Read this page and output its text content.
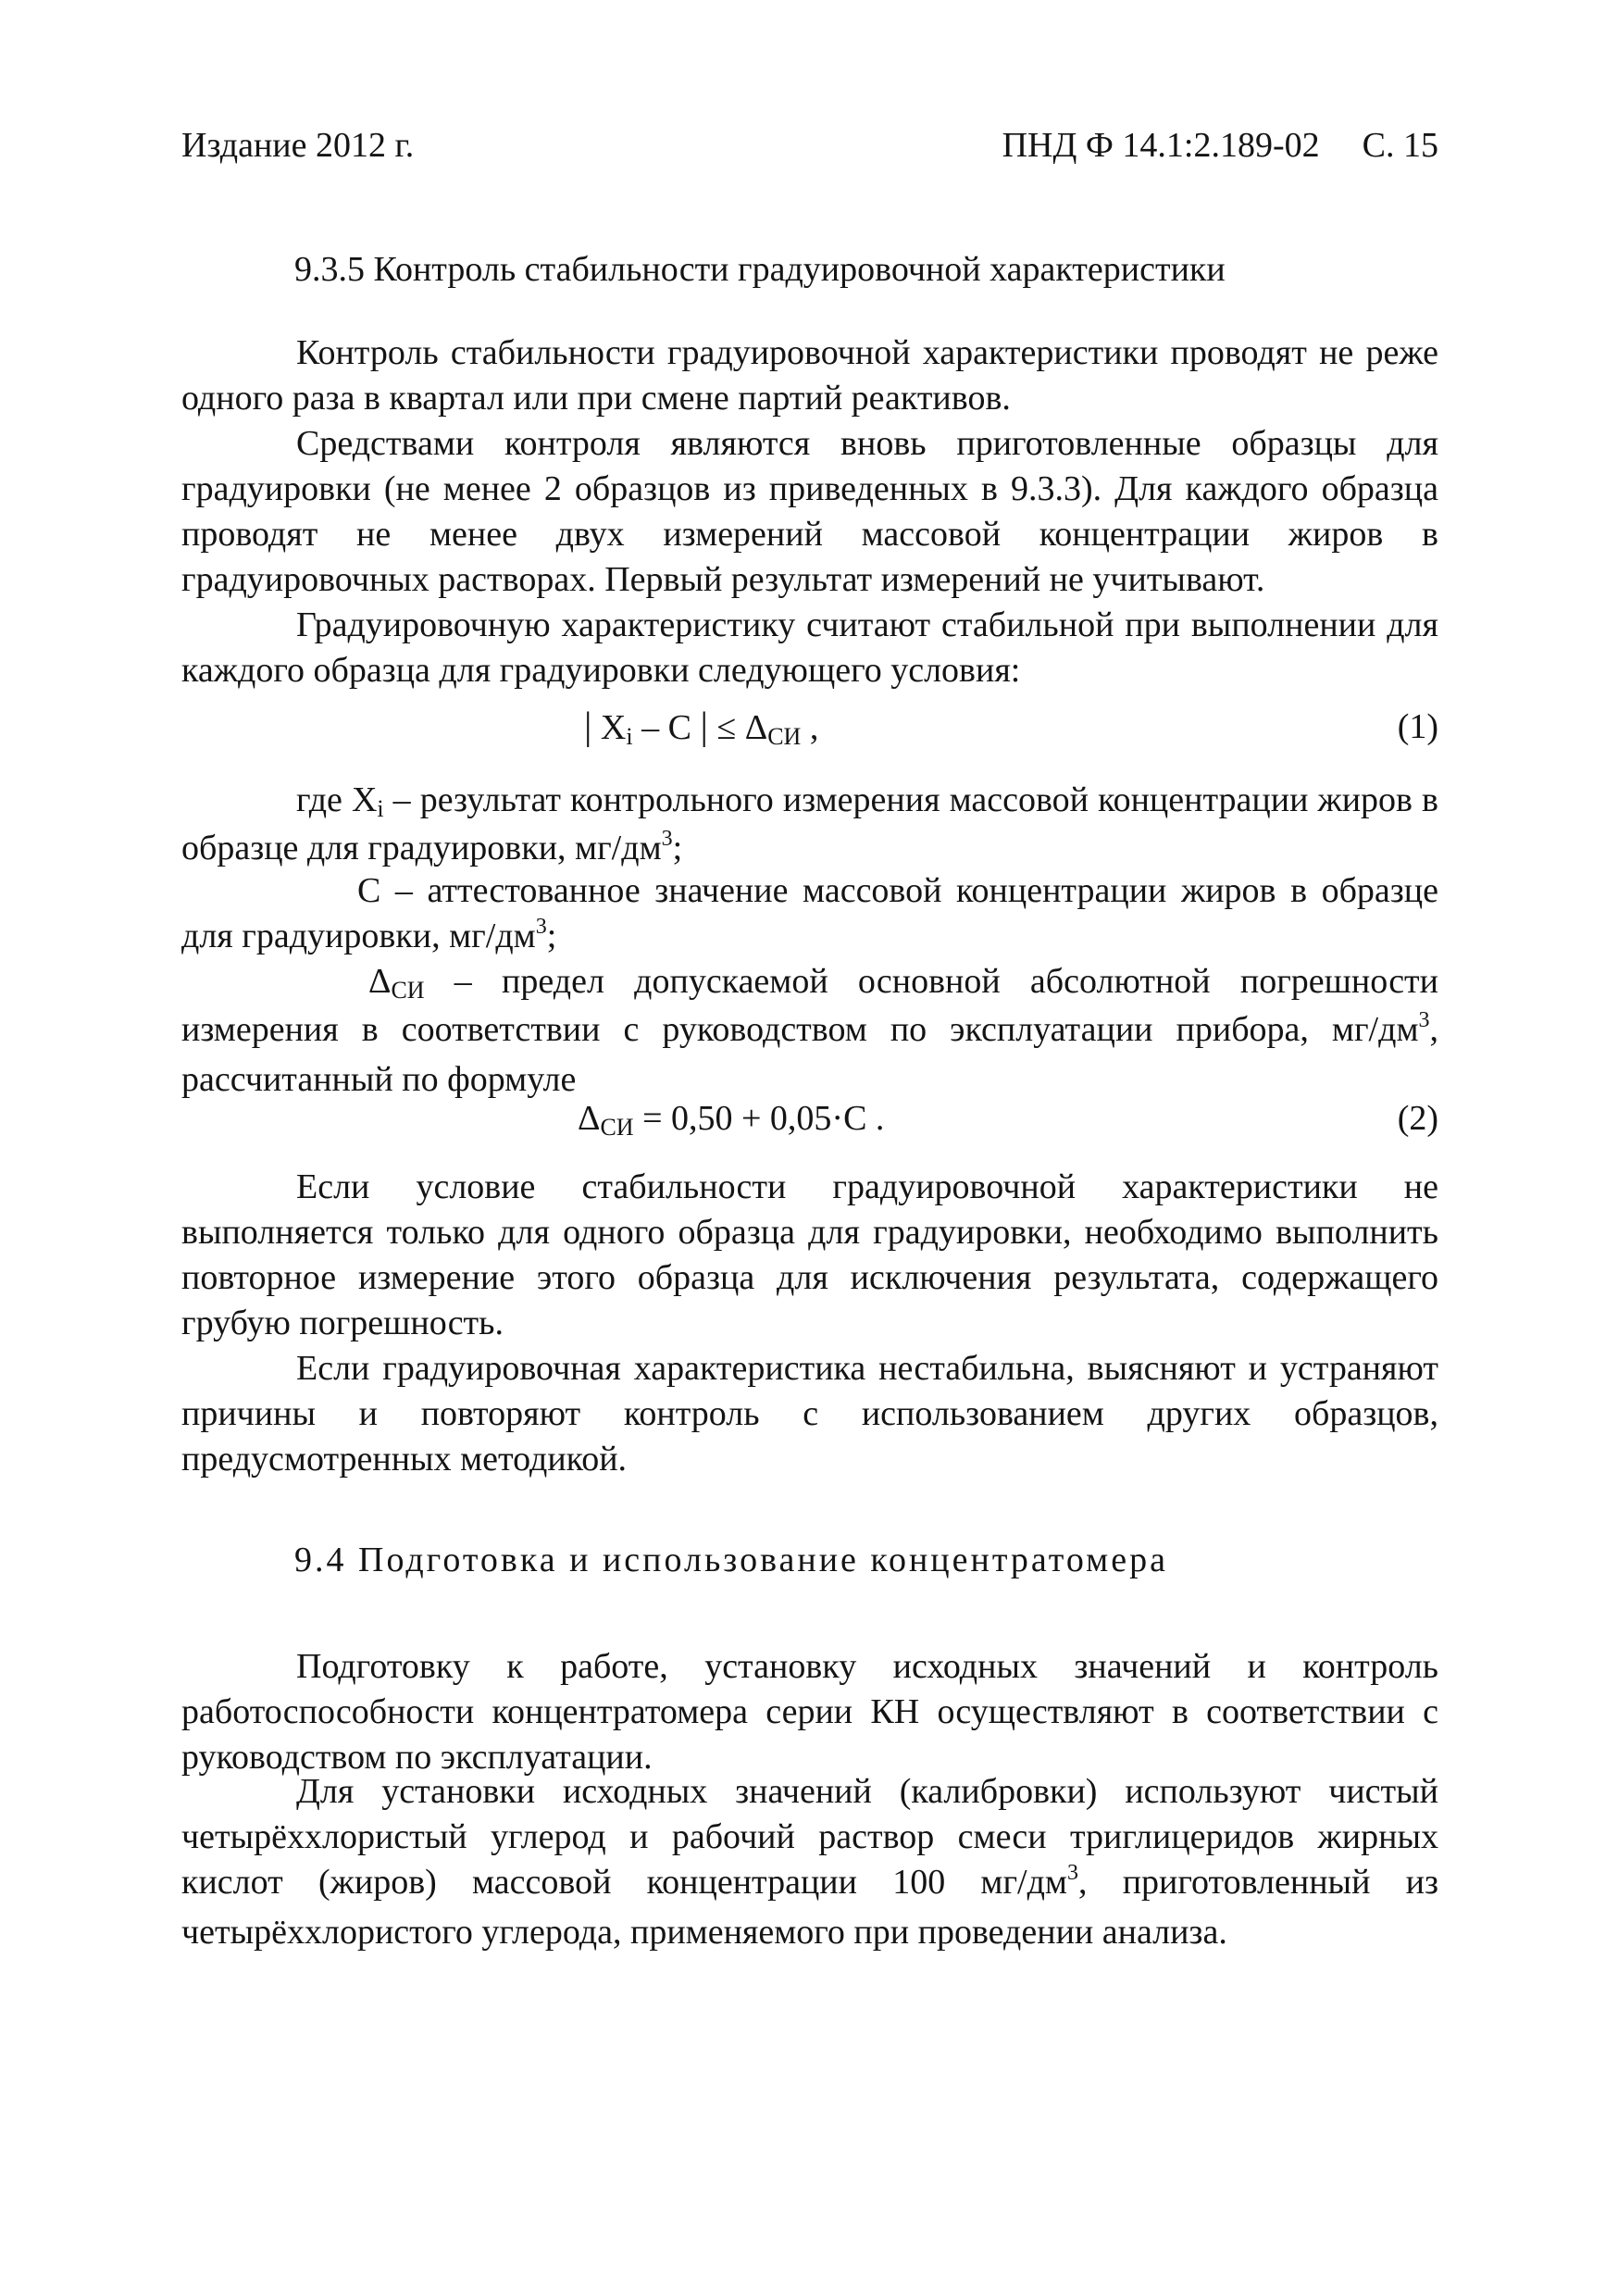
Издание 2012 г.	ПНД Ф 14.1:2.189-02 С. 15
9.3.5 Контроль стабильности градуировочной характеристики
Контроль стабильности градуировочной характеристики проводят не реже одного раза в квартал или при смене партий реактивов.
Средствами контроля являются вновь приготовленные образцы для градуировки (не менее 2 образцов из приведенных в 9.3.3). Для каждого образца проводят не менее двух измерений массовой концентрации жиров в градуировочных растворах. Первый результат измерений не учитывают.
Градуировочную характеристику считают стабильной при выполнении для каждого образца для градуировки следующего условия:
| $X_i$ – C | ≤ $\Delta_{СИ}$ ,	(1)
где $X_i$ – результат контрольного измерения массовой концентрации жиров в образце для градуировки, $мг/дм^3$;
C – аттестованное значение массовой концентрации жиров в образце для градуировки, $мг/дм^3$;
$\Delta_{СИ}$ – предел допускаемой основной абсолютной погрешности измерения в соответствии с руководством по эксплуатации прибора, $мг/дм^3$, рассчитанный по формуле
$\Delta_{СИ} = 0,50 + 0,05\cdot C$ .	(2)
Если условие стабильности градуировочной характеристики не выполняется только для одного образца для градуировки, необходимо выполнить повторное измерение этого образца для исключения результата, содержащего грубую погрешность.
Если градуировочная характеристика нестабильна, выясняют и устраняют причины и повторяют контроль с использованием других образцов, предусмотренных методикой.
9.4 Подготовка и использование концентратомера
Подготовку к работе, установку исходных значений и контроль работоспособности концентратомера серии КН осуществляют в соответствии с руководством по эксплуатации.
Для установки исходных значений (калибровки) используют чистый четырёххлористый углерод и рабочий раствор смеси триглицеридов жирных кислот (жиров) массовой концентрации 100 $мг/дм^3$, приготовленный из четырёххлористого углерода, применяемого при проведении анализа.
